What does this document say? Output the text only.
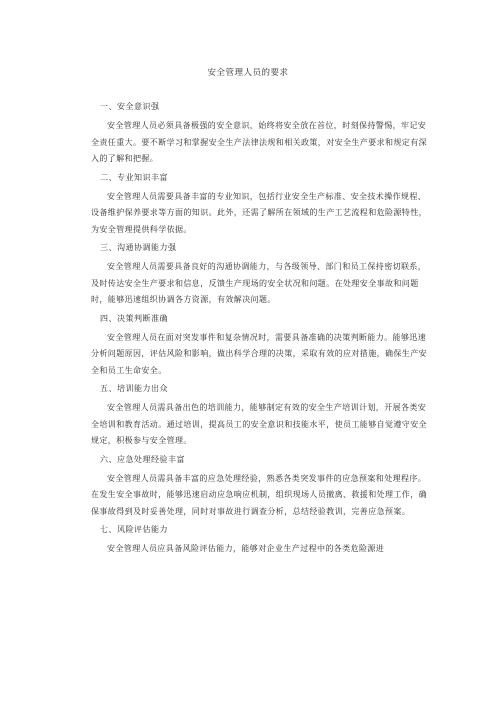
安全管理人员的要求
一、安全意识强
安全管理人员必须具备极强的安全意识，始终将安全放在首位，时刻保持警惕，牢记安全责任重大。要不断学习和掌握安全生产法律法规和相关政策，对安全生产要求和规定有深入的了解和把握。
二、专业知识丰富
安全管理人员需要具备丰富的专业知识，包括行业安全生产标准、安全技术操作规程、设备维护保养要求等方面的知识。此外，还需了解所在领域的生产工艺流程和危险源特性，为安全管理提供科学依据。
三、沟通协调能力强
安全管理人员需要具备良好的沟通协调能力，与各级领导、部门和员工保持密切联系，及时传达安全生产要求和信息，反馈生产现场的安全状况和问题。在处理安全事故和问题时，能够迅速组织协调各方资源，有效解决问题。
四、决策判断准确
安全管理人员在面对突发事件和复杂情况时，需要具备准确的决策判断能力。能够迅速分析问题原因，评估风险和影响，做出科学合理的决策，采取有效的应对措施，确保生产安全和员工生命安全。
五、培训能力出众
安全管理人员需具备出色的培训能力，能够制定有效的安全生产培训计划，开展各类安全培训和教育活动。通过培训，提高员工的安全意识和技能水平，使员工能够自觉遵守安全规定，积极参与安全管理。
六、应急处理经验丰富
安全管理人员需具备丰富的应急处理经验，熟悉各类突发事件的应急预案和处理程序。在发生安全事故时，能够迅速启动应急响应机制，组织现场人员撤离、救援和处理工作，确保事故得到及时妥善处理，同时对事故进行调查分析，总结经验教训，完善应急预案。
七、风险评估能力
安全管理人员应具备风险评估能力，能够对企业生产过程中的各类危险源进
